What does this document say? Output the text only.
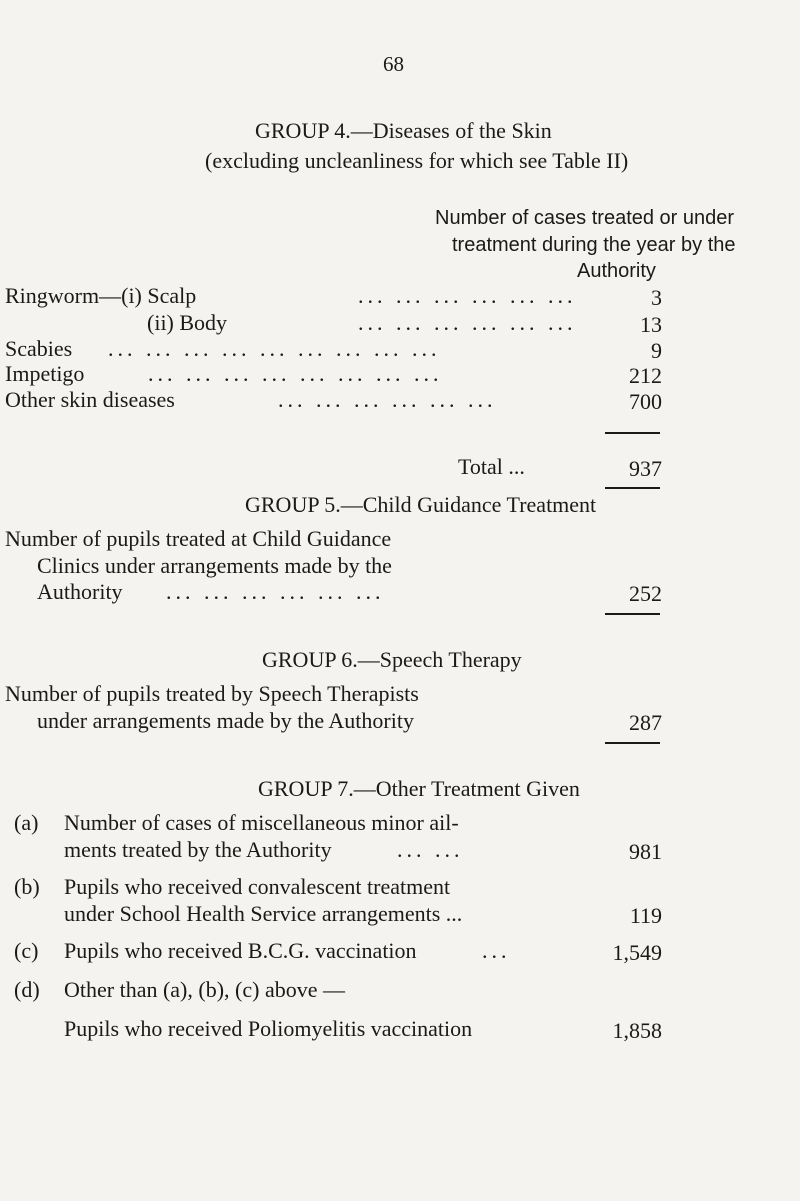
68
GROUP 4.—Diseases of the Skin
(excluding uncleanliness for which see Table II)
Number of cases treated or under
treatment during the year by the
Authority
Ringworm—(i) Scalp	... ... ... ... ... ...	3
(ii) Body	... ... ... ... ... ...	13
Scabies ... ... ... ... ... ... ... ... ...	9
Impetigo	... ... ... ... ... ... ... ...	212
Other skin diseases	... ... ... ... ... ...	700
Total ...	937
GROUP 5.—Child Guidance Treatment
Number of pupils treated at Child Guidance
Clinics under arrangements made by the
Authority ... ... ... ... ... ...	252
GROUP 6.—Speech Therapy
Number of pupils treated by Speech Therapists
under arrangements made by the Authority	287
GROUP 7.—Other Treatment Given
(a) Number of cases of miscellaneous minor ail-
ments treated by the Authority	... ...	981
(b) Pupils who received convalescent treatment
under School Health Service arrangements ...	119
(c) Pupils who received B.C.G. vaccination	...	1,549
(d) Other than (a), (b), (c) above —
Pupils who received Poliomyelitis vaccination	1,858
